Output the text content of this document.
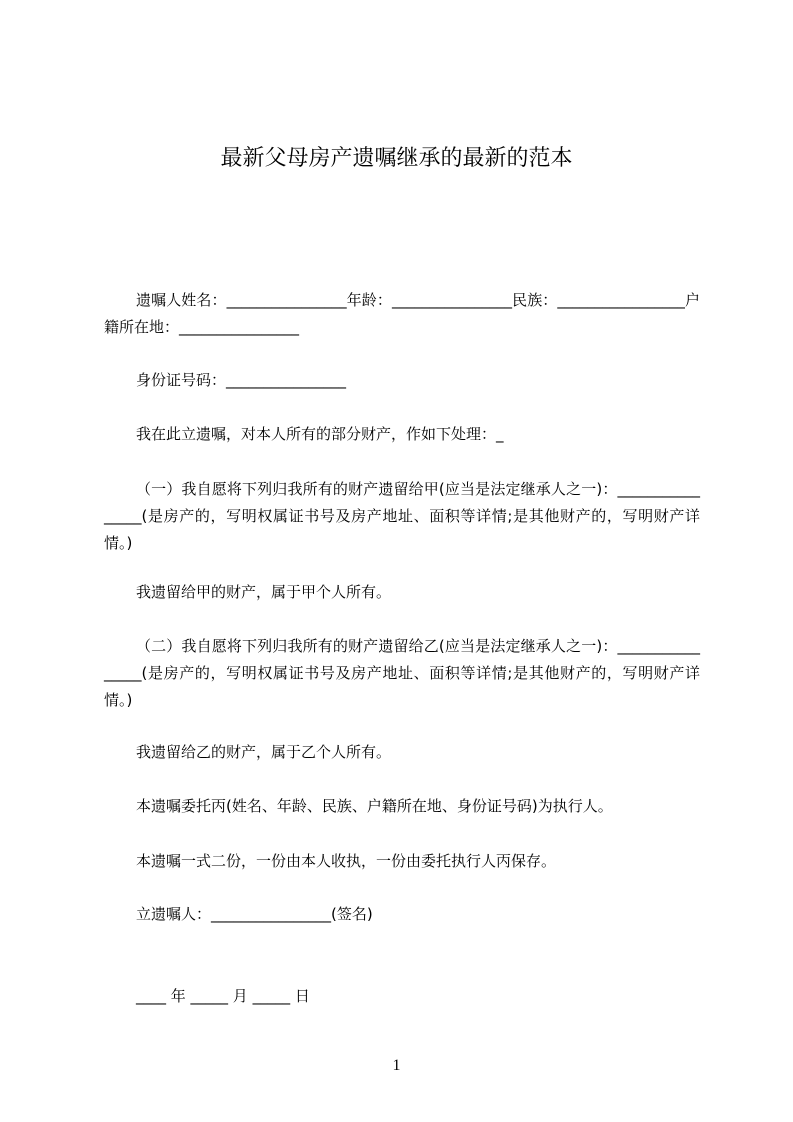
最新父母房产遗嘱继承的最新的范本

遗嘱人姓名：________________年龄：________________民族：_________________户籍所在地：________________

身份证号码：________________

我在此立遗嘱，对本人所有的部分财产，作如下处理：_

（一）我自愿将下列归我所有的财产遗留给甲(应当是法定继承人之一)：________________(是房产的，写明权属证书号及房产地址、面积等详情;是其他财产的，写明财产详情。)

我遗留给甲的财产，属于甲个人所有。

（二）我自愿将下列归我所有的财产遗留给乙(应当是法定继承人之一)：________________(是房产的，写明权属证书号及房产地址、面积等详情;是其他财产的，写明财产详情。)

我遗留给乙的财产，属于乙个人所有。

本遗嘱委托丙(姓名、年龄、民族、户籍所在地、身份证号码)为执行人。

本遗嘱一式二份，一份由本人收执，一份由委托执行人丙保存。

立遗嘱人：________________(签名)

____ 年 _____ 月 _____ 日

1
